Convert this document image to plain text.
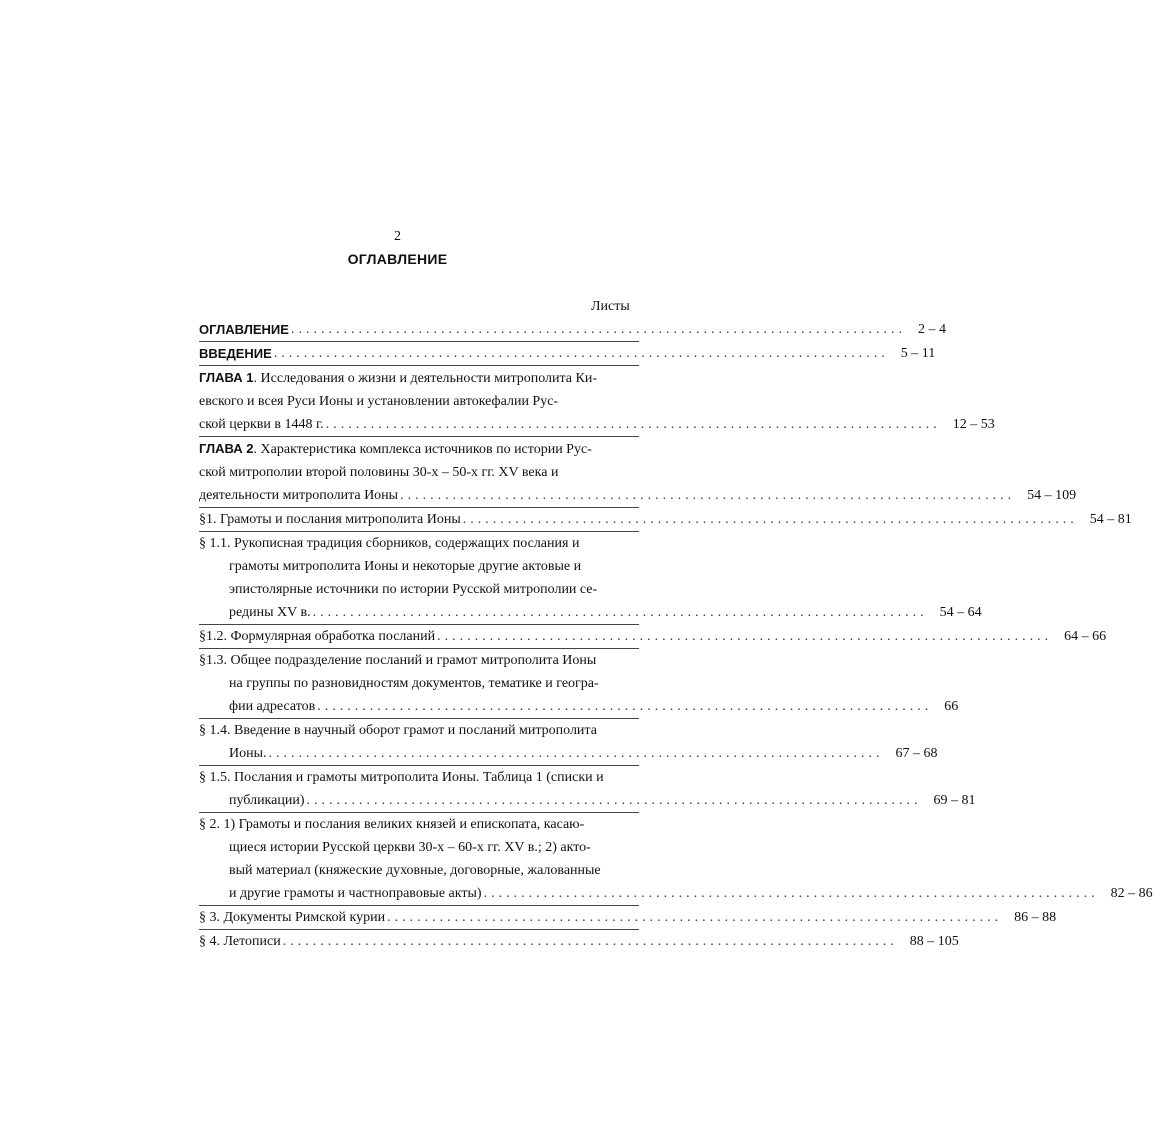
2
ОГЛАВЛЕНИЕ
Листы
ОГЛАВЛЕНИЕ .................................................................................. 2 – 4
ВВЕДЕНИЕ .................................................................................. 5 – 11
ГЛАВА 1. Исследования о жизни и деятельности митрополита Ки-
евского и всея Руси Ионы и установлении автокефалии Рус-
ской церкви в 1448 г. .................................................................................. 12 – 53
ГЛАВА 2. Характеристика комплекса источников по истории Рус-
ской митрополии второй половины 30-х – 50-х гг. XV века и
деятельности митрополита Ионы .................................................................................. 54 – 109
§1. Грамоты и послания митрополита Ионы .................................................................................. 54 – 81
§ 1.1. Рукописная традиция сборников, содержащих послания и
грамоты митрополита Ионы и некоторые другие актовые и
эпистолярные источники по истории Русской митрополии се-
редины XV в. .................................................................................. 54 – 64
§1.2. Формулярная обработка посланий .................................................................................. 64 – 66
§1.3. Общее подразделение посланий и грамот митрополита Ионы
на группы по разновидностям документов, тематике и геогра-
фии адресатов .................................................................................. 66
§ 1.4. Введение в научный оборот грамот и посланий митрополита
Ионы. .................................................................................. 67 – 68
§ 1.5. Послания и грамоты митрополита Ионы. Таблица 1 (списки и
публикации) .................................................................................. 69 – 81
§ 2. 1) Грамоты и послания великих князей и епископата, касаю-
щиеся истории Русской церкви 30-х – 60-х гг. XV в.; 2) акто-
вый материал (княжеские духовные, договорные, жалованные
и другие грамоты и частноправовые акты) .................................................................................. 82 – 86
§ 3. Документы Римской курии .................................................................................. 86 – 88
§ 4. Летописи .................................................................................. 88 – 105
